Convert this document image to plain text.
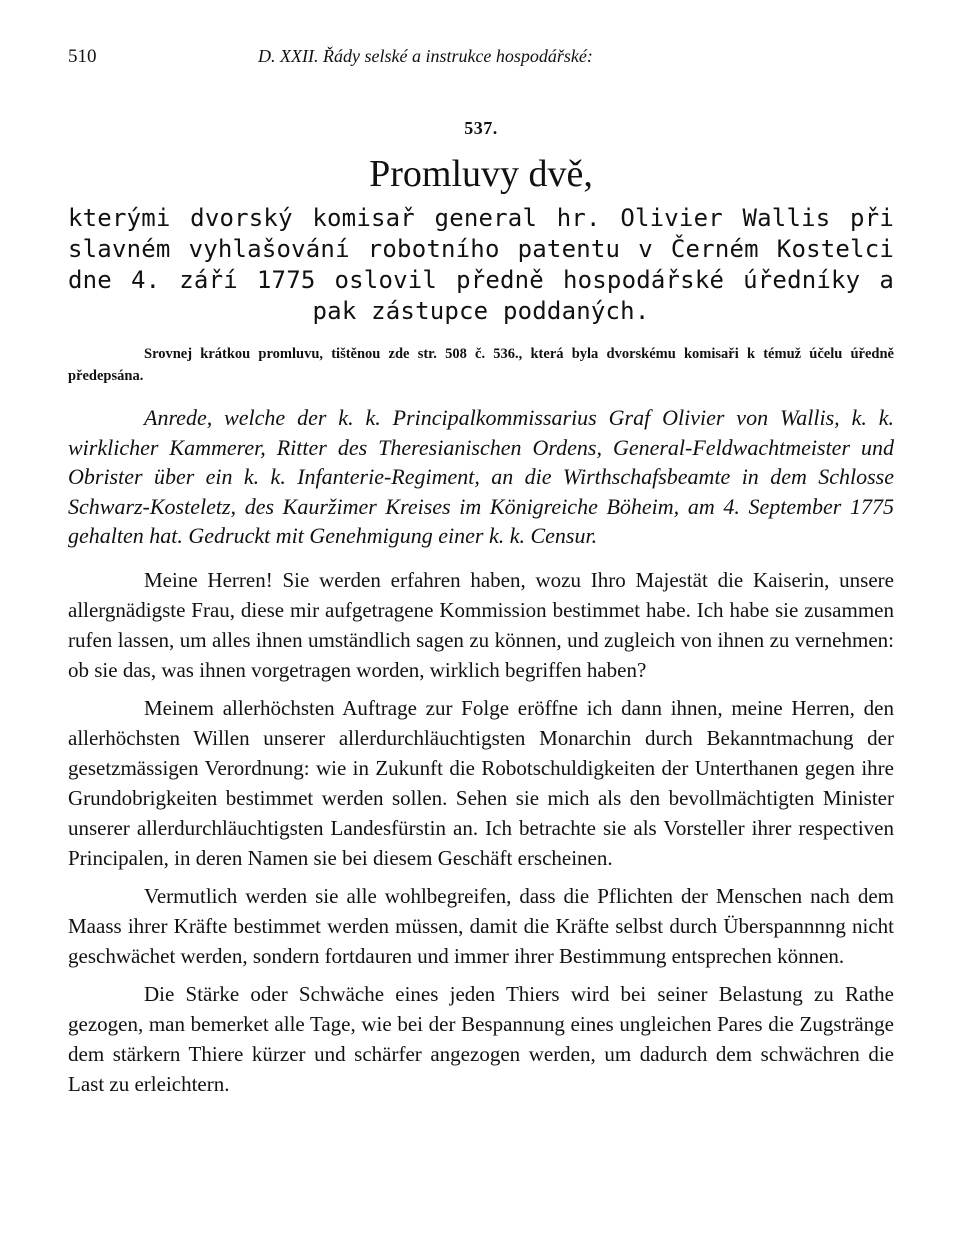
510	D. XXII. Řády selské a instrukce hospodářské:
537.
Promluvy dvě,
kterými dvorský komisař general hr. Olivier Wallis při slavném vyhlašování robotního patentu v Černém Kostelci dne 4. září 1775 oslovil předně hospodářské úředníky a pak zástupce poddaných.
Srovnej krátkou promluvu, tištěnou zde str. 508 č. 536., která byla dvorskému komisaři k témuž účelu úředně předepsána.
Anrede, welche der k. k. Principalkommissarius Graf Olivier von Wallis, k. k. wirklicher Kammerer, Ritter des Theresianischen Ordens, General-Feldwachtmeister und Obrister über ein k. k. Infanterie-Regiment, an die Wirthschafsbeamte in dem Schlosse Schwarz-Kosteletz, des Kauržimer Kreises im Königreiche Böheim, am 4. September 1775 gehalten hat. Gedruckt mit Genehmigung einer k. k. Censur.

Meine Herren! Sie werden erfahren haben, wozu Ihro Majestät die Kaiserin, unsere allergnädigste Frau, diese mir aufgetragene Kommission bestimmet habe. Ich habe sie zusammen rufen lassen, um alles ihnen umständlich sagen zu können, und zugleich von ihnen zu vernehmen: ob sie das, was ihnen vorgetragen worden, wirklich begriffen haben?

Meinem allerhöchsten Auftrage zur Folge eröffne ich dann ihnen, meine Herren, den allerhöchsten Willen unserer allerdurchläuchtigsten Monarchin durch Bekanntmachung der gesetzmässigen Verordnung: wie in Zukunft die Robotschuldigkeiten der Unterthanen gegen ihre Grundobrigkeiten bestimmet werden sollen. Sehen sie mich als den bevollmächtigten Minister unserer allerdurchläuchtigsten Landesfürstin an. Ich betrachte sie als Vorsteller ihrer respectiven Principalen, in deren Namen sie bei diesem Geschäft erscheinen.

Vermutlich werden sie alle wohlbegreifen, dass die Pflichten der Menschen nach dem Maass ihrer Kräfte bestimmet werden müssen, damit die Kräfte selbst durch Überspannnng nicht geschwächet werden, sondern fortdauren und immer ihrer Bestimmung entsprechen können.

Die Stärke oder Schwäche eines jeden Thiers wird bei seiner Belastung zu Rathe gezogen, man bemerket alle Tage, wie bei der Bespannung eines ungleichen Pares die Zugstränge dem stärkern Thiere kürzer und schärfer angezogen werden, um dadurch dem schwächren die Last zu erleichtern.
